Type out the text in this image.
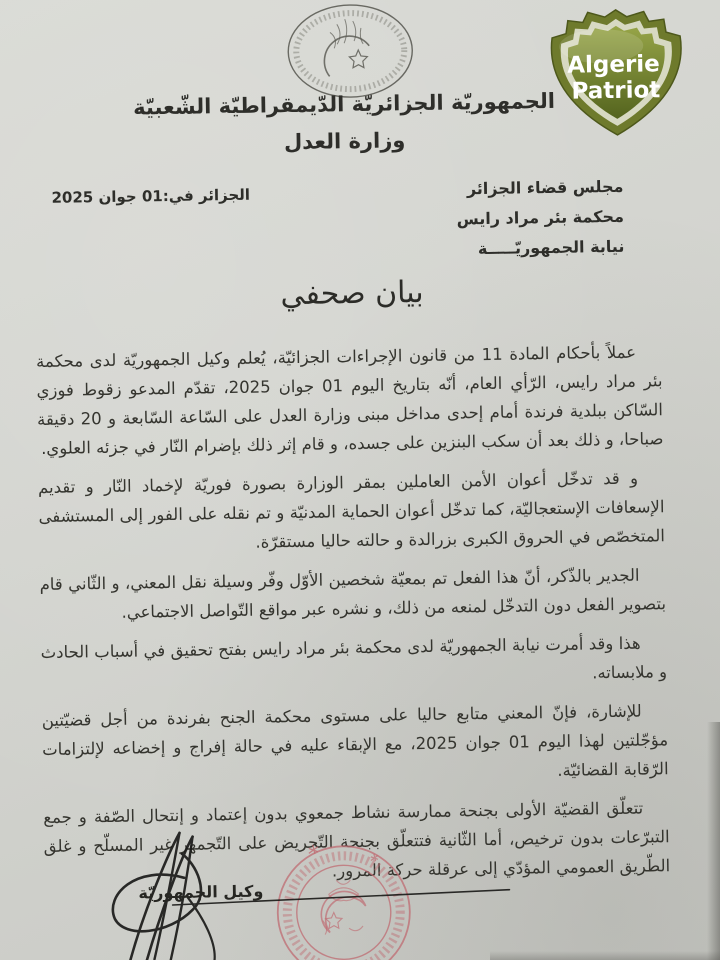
Algerie
Patriot
الجمهوريّة الجزائريّة الدّيمقراطيّة الشّعبيّة
وزارة العدل
مجلس قضاء الجزائر
محكمة بئر مراد رايس
نيابة الجمهوريّـــــة
الجزائر في:01 جوان 2025
بيان صحفي

عملاً بأحكام المادة 11 من قانون الإجراءات الجزائيّة، يُعلم وكيل الجمهوريّة لدى محكمة بئر مراد رايس، الرّأي العام، أنّه بتاريخ اليوم 01 جوان 2025، تقدّم المدعو زقوط فوزي السّاكن ببلدية فرندة أمام إحدى مداخل مبنى وزارة العدل على السّاعة السّابعة و 20 دقيقة صباحا، و ذلك بعد أن سكب البنزين على جسده، و قام إثر ذلك بإضرام النّار في جزئه العلوي.

و قد تدخّل أعوان الأمن العاملين بمقر الوزارة بصورة فوريّة لإخماد النّار و تقديم الإسعافات الإستعجاليّة، كما تدخّل أعوان الحماية المدنيّة و تم نقله على الفور إلى المستشفى المتخصّص في الحروق الكبرى بزرالدة و حالته حاليا مستقرّة.

الجدير بالذّكر، أنّ هذا الفعل تم بمعيّة شخصين الأوّل وفّر وسيلة نقل المعني، و الثّاني قام بتصوير الفعل دون التدخّل لمنعه من ذلك، و نشره عبر مواقع التّواصل الاجتماعي.

هذا وقد أمرت نيابة الجمهوريّة لدى محكمة بئر مراد رايس بفتح تحقيق في أسباب الحادث و ملابساته.

للإشارة، فإنّ المعني متابع حاليا على مستوى محكمة الجنح بفرندة من أجل قضيّتين مؤجّلتين لهذا اليوم 01 جوان 2025، مع الإبقاء عليه في حالة إفراج و إخضاعه لإلتزامات الرّقابة القضائيّة.

تتعلّق القضيّة الأولى بجنحة ممارسة نشاط جمعوي بدون إعتماد و إنتحال الصّفة و جمع التبرّعات بدون ترخيص، أما الثّانية فتتعلّق بجنحة التّحريض على التّجمهر غير المسلّح و غلق الطّريق العمومي المؤدّي إلى عرقلة حركة المرور.

وكيل الجمهوريّة
